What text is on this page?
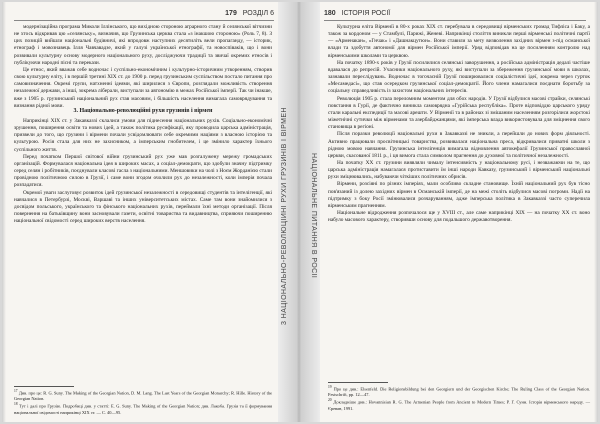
179 РОЗДІЛ 6

модернізаційна програма Миколи Іллінського, що вихідною стороною аграрного стану й селянської вітчизни не хтось відкривав цю «селянську», визначив, що Грузинська церква стала «з інакшою стороною» (Роль 7, 8). З цих позицій вийшли національні будівничі, які впродовж наступних десятиліть вели пропаганду, — історик, етнограф і мовознавець Ілля Чавчавадзе, який у галузі української етнографії, та новоспіваків, що і вони розвивали культурну основу модерного національного руху, досліджуючи традиції та звичаї окремих етносів і публікуючи народні пісні та перекази.

Це етнос, який вважав себе водночас і суспільно-економічним і культурно-історичним утворенням, створив свою культурну еліту, і в першій третині XIX ст. до 1900 р. перед грузинським суспільством постало питання про самовизначення. Окремі групи, натхненні ідеями, які ширилися з Європи, розглядали можливість створення незалежної держави, а інші, зокрема ліберали, виступали за автономію в межах Російської імперії. Так чи інакше, вже з 1905 р. грузинський національний рух став масовим, і більшість населення вимагала самоврядування та визнання рідної мови.

3. Національно-революційні рухи грузинів і вірмен

Наприкінці XIX ст. у Закавказзі склалися умови для піднесення національних рухів. Соціально-економічні зрушення, поширення освіти та нових ідей, а також політика русифікації, яку проводила царська адміністрація, призвели до того, що грузини і вірмени почали усвідомлювати себе окремими націями з власною історією та культурою. Росія стала для них не захисником, а імперським гнобителем, і це змінило характер їхнього суспільного життя.

Перед початком Першої світової війни грузинський рух уже мав розгалужену мережу громадських організацій. Формувалася національна ідея в широких масах, а соціал-демократи, що здобули значну підтримку серед селян і робітників, поєднували класові гасла з національними. Меншовики на чолі з Ноєм Жорданією стали провідною політичною силою в Грузії, і саме вони згодом очолили рух до незалежності, коли імперія почала розпадатися.

Окремої уваги заслуговує розвиток ідей грузинської незалежності в середовищі студентів та інтелігенції, які навчалися в Петербурзі, Москві, Варшаві та інших університетських містах. Саме там вони знайомилися з досвідом польського, українського та фінського національних рухів, переймали їхні методи організації. Після повернення на батьківщину вони засновували газети, освітні товариства та видавництва, сприяючи поширенню національної свідомості серед широких верств населення.

$^{17}$ Див. про це: R. G. Suny. The Making of the Georgian Nation, D. M. Lang. The Last Years of the Georgian Monarchy; R. Hille. History of the Georgian Nation.

$^{18}$ Тут і далі про Грузію. Подробиці див. у статті: Е. G. Suny. The Making of the Georgian Nation; див. Лакоба. Грузія та її формування національної свідомості наприкінці XIX ст. — С. 40—95.

3 НАЦІОНАЛЬНО-РЕВОЛЮЦІЙНІ РУХИ ГРУЗИНІВ І ВІРМЕН	НАЦІОНАЛЬНЕ ПИТАННЯ В РОСІЇ
180 ІСТОРІЯ РОСІЇ

Культурна еліта Вірменії в 80-х роках XIX ст. перебувала в середовищі вірменських громад Тифліса і Баку, а також за кордоном — у Стамбулі, Парижі, Женеві. Наприкінці століття виникли перші вірменські політичні партії — «Арменакан», «Гнчак» і «Дашнакцутюн». Вони ставили за мету визволення західних вірмен з-під османської влади та здобуття автономії для вірмен Російської імперії. Уряд відповідав на це посиленням контролю над вірменськими школами та церквою.

На початку 1890-х років у Грузії посилилися селянські заворушення, а російська адміністрація дедалі частіше вдавалася до репресій. Учасники національного руху, які виступали за збереження грузинської мови в школах, зазнавали переслідувань. Водночас в тогочасній Грузії поширювалися соціалістичні ідеї, зокрема через гурток «Месамедасі», що став осередком грузинської соціал-демократії. Його члени намагалися поєднати боротьбу за соціальну справедливість із захистом національних інтересів.

Революція 1905 р. стала переломним моментом для обох народів. У Грузії відбулися масові страйки, селянські повстання в Гурії, де фактично виникла самоврядна «Гурійська республіка». Проте відповіддю царського уряду стали каральні експедиції та масові арешти. У Вірменії та в районах зі змішаним населенням розгорілися жорстокі міжетнічні сутички між вірменами та азербайджанцями, які імперська влада використовувала для зміцнення свого становища в регіоні.

Після поразки революції національні рухи в Закавказзі не зникли, а перейшли до нових форм діяльності. Активно працювали просвітницькі товариства, розвивалася національна преса, відкривалися приватні школи з рідною мовою навчання. Грузинська інтелігенція вимагала відновлення автокефалії Грузинської православної церкви, скасованої 1811 р., і ця вимога стала символом прагнення до духовної та політичної незалежності.

На початку XX ст. грузини виявляли чималу інтенсивність у національному русі, і незважаючи на те, що царська адміністрація намагалася протиставити їм інші народи Кавказу, грузинський і вірменський національні рухи зміцнювались, набуваючи чіткіших політичних обрисів.

Вірмени, розсіяні по різних імперіях, мали особливо складне становище. Їхній національний рух був тісно пов'язаний із долею західних вірмен в Османській імперії, де на межі століть відбулися масові погроми. Надії на підтримку з боку Росії змінювалися розчаруванням, адже імперська політика в Закавказзі часто суперечила вірменським прагненням.

Національне відродження розпочалося ще у XVIII ст., але саме наприкінці XIX — на початку XX ст. воно набуло масового характеру, створивши основу для подальшого державотворення.

$^{19}$ Про це див.: Elsenfeld. Die Religionsbildung bei den Georgiern und der Georgischen Kirche; The Ruling Class of the Georgian Nation. Festschrift, pp. 12—47.

$^{20}$ Докладніше див.: Hovannisian R. G. The Armenian People from Ancient to Modern Times; Р. Г. Суни. Історія вірменського народу. — Єреван, 1991.
